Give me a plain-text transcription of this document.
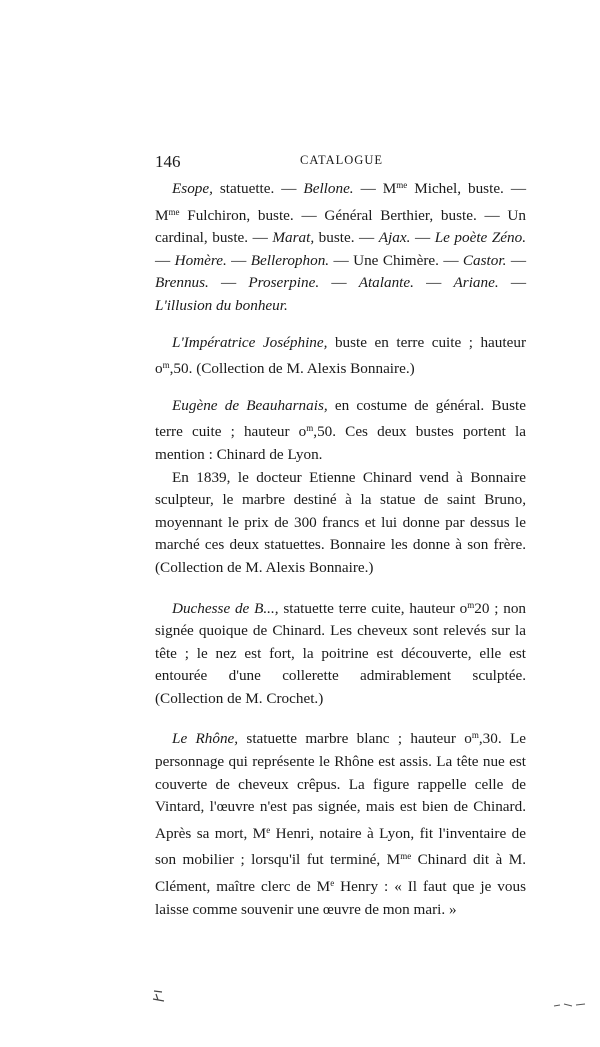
146	CATALOGUE

Esope, statuette. — Bellone. — $M^{me}$ Michel, buste. — $M^{me}$ Fulchiron, buste. — Général Berthier, buste. — Un cardinal, buste. — Marat, buste. — Ajax. — Le poète Zéno. — Homère. — Bellerophon. — Une Chimère. — Castor. — Brennus. — Proserpine. — Atalante. — Ariane. — L'illusion du bonheur.

L'Impératrice Joséphine, buste en terre cuite ; hauteur $o^m,50$. (Collection de M. Alexis Bonnaire.)

Eugène de Beauharnais, en costume de général. Buste terre cuite ; hauteur $o^m,50$. Ces deux bustes portent la mention : Chinard de Lyon.

En 1839, le docteur Etienne Chinard vend à Bonnaire sculpteur, le marbre destiné à la statue de saint Bruno, moyennant le prix de 300 francs et lui donne par dessus le marché ces deux statuettes. Bonnaire les donne à son frère. (Collection de M. Alexis Bonnaire.)

Duchesse de B..., statuette terre cuite, hauteur $o^m20$ ; non signée quoique de Chinard. Les cheveux sont relevés sur la tête ; le nez est fort, la poitrine est découverte, elle est entourée d'une collerette admirablement sculptée. (Collection de M. Crochet.)

Le Rhône, statuette marbre blanc ; hauteur $o^m,30$. Le personnage qui représente le Rhône est assis. La tête nue est couverte de cheveux crêpus. La figure rappelle celle de Vintard, l'œuvre n'est pas signée, mais est bien de Chinard. Après sa mort, Me Henri, notaire à Lyon, fit l'inventaire de son mobilier ; lorsqu'il fut terminé, $M^{me}$ Chinard dit à M. Clément, maître clerc de Me Henry : « Il faut que je vous laisse comme souvenir une œuvre de mon mari. »
